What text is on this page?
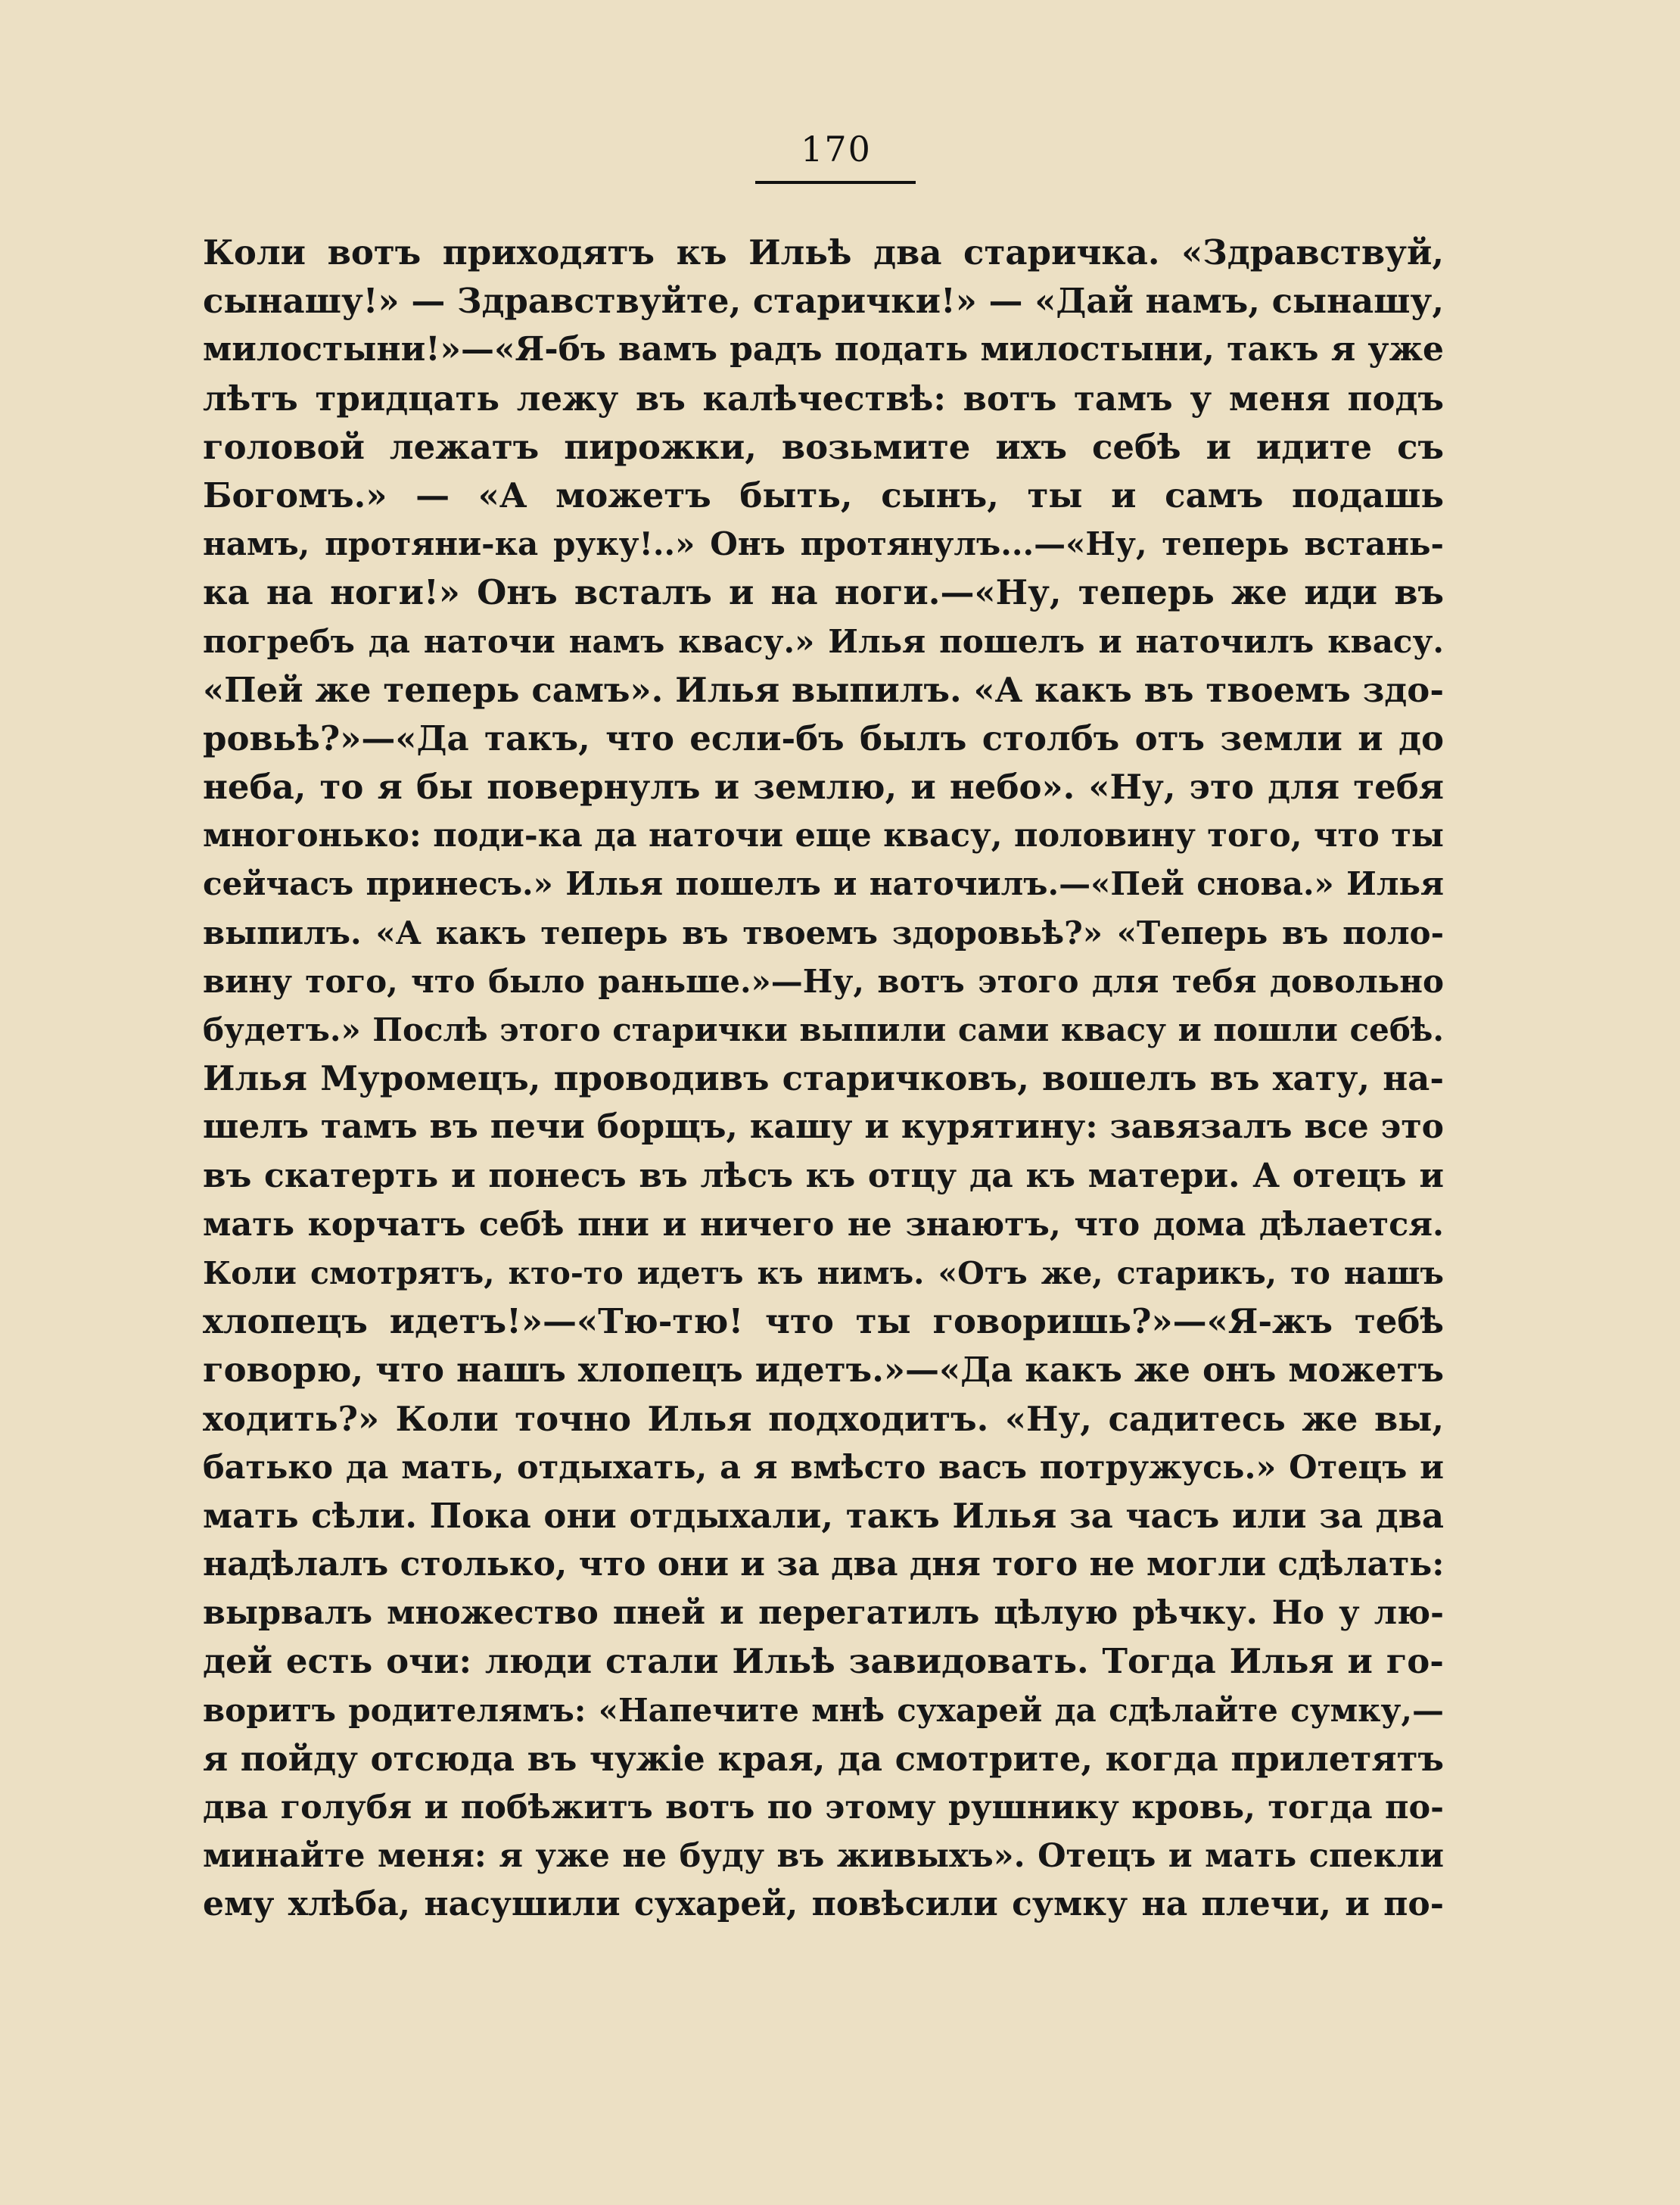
170
Коли вотъ приходятъ къ Ильѣ два старичка. «Здравствуй,
сынашу!» — Здравствуйте, старички!» — «Дай намъ, сынашу,
милостыни!»—«Я-бъ вамъ радъ подать милостыни, такъ я уже
лѣтъ тридцать лежу въ калѣчествѣ: вотъ тамъ у меня подъ
головой лежатъ пирожки, возьмите ихъ себѣ и идите съ
Богомъ.» — «А можетъ быть, сынъ, ты и самъ подашь
намъ, протяни-ка руку!..» Онъ протянулъ...—«Ну, теперь встань-
ка на ноги!» Онъ всталъ и на ноги.—«Ну, теперь же иди въ
погребъ да наточи намъ квасу.» Илья пошелъ и наточилъ квасу.
«Пей же теперь самъ». Илья выпилъ. «А какъ въ твоемъ здо-
ровьѣ?»—«Да такъ, что если-бъ былъ столбъ отъ земли и до
неба, то я бы повернулъ и землю, и небо». «Ну, это для тебя
многонько: поди-ка да наточи еще квасу, половину того, что ты
сейчасъ принесъ.» Илья пошелъ и наточилъ.—«Пей снова.» Илья
выпилъ. «А какъ теперь въ твоемъ здоровьѣ?» «Теперь въ поло-
вину того, что было раньше.»—Ну, вотъ этого для тебя довольно
будетъ.» Послѣ этого старички выпили сами квасу и пошли себѣ.
Илья Муромецъ, проводивъ старичковъ, вошелъ въ хату, на-
шелъ тамъ въ печи борщъ, кашу и курятину: завязалъ все это
въ скатерть и понесъ въ лѣсъ къ отцу да къ матери. А отецъ и
мать корчатъ себѣ пни и ничего не знаютъ, что дома дѣлается.
Коли смотрятъ, кто-то идетъ къ нимъ. «Отъ же, старикъ, то нашъ
хлопецъ идетъ!»—«Тю-тю! что ты говоришь?»—«Я-жъ тебѣ
говорю, что нашъ хлопецъ идетъ.»—«Да какъ же онъ можетъ
ходить?» Коли точно Илья подходитъ. «Ну, садитесь же вы,
батько да мать, отдыхать, а я вмѣсто васъ потружусь.» Отецъ и
мать сѣли. Пока они отдыхали, такъ Илья за часъ или за два
надѣлалъ столько, что они и за два дня того не могли сдѣлать:
вырвалъ множество пней и перегатилъ цѣлую рѣчку. Но у лю-
дей есть очи: люди стали Ильѣ завидовать. Тогда Илья и го-
воритъ родителямъ: «Напечите мнѣ сухарей да сдѣлайте сумку,—
я пойду отсюда въ чужіе края, да смотрите, когда прилетятъ
два голубя и побѣжитъ вотъ по этому рушнику кровь, тогда по-
минайте меня: я уже не буду въ живыхъ». Отецъ и мать спекли
ему хлѣба, насушили сухарей, повѣсили сумку на плечи, и по-
